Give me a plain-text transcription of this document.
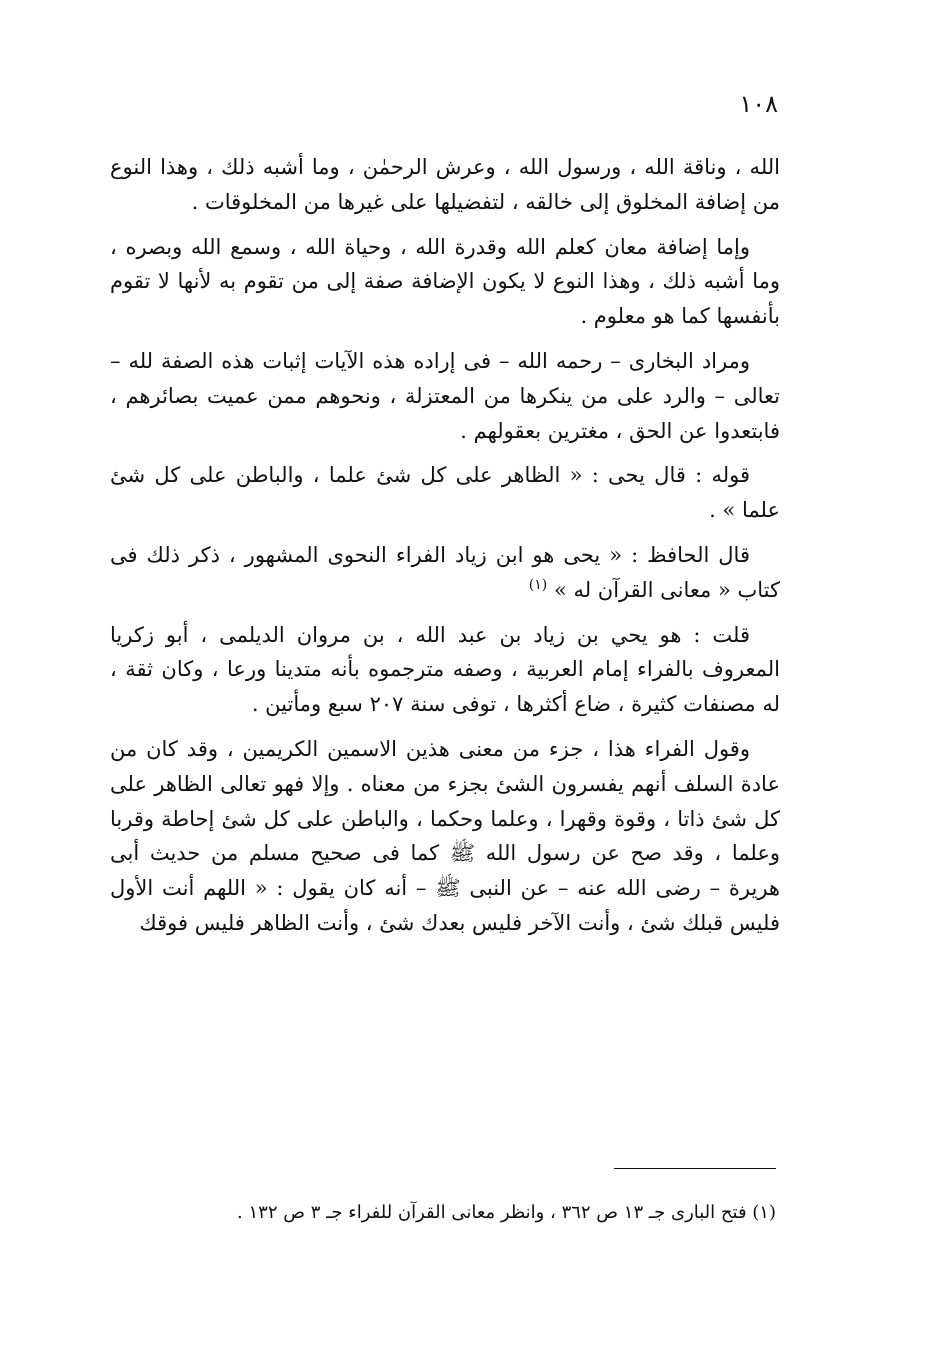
١٠٨

الله ، وناقة الله ، ورسول الله ، وعرش الرحمٰن ، وما أشبه ذلك ، وهذا النوع من إضافة المخلوق إلى خالقه ، لتفضيلها على غيرها من المخلوقات .

وإما إضافة معان كعلم الله وقدرة الله ، وحياة الله ، وسمع الله وبصره ، وما أشبه ذلك ، وهذا النوع لا يكون الإضافة صفة إلى من تقوم به لأنها لا تقوم بأنفسها كما هو معلوم .

ومراد البخارى – رحمه الله – فى إراده هذه الآيات إثبات هذه الصفة لله – تعالى – والرد على من ينكرها من المعتزلة ، ونحوهم ممن عميت بصائرهم ، فابتعدوا عن الحق ، مغترين بعقولهم .

قوله : قال يحى : « الظاهر على كل شئ علما ، والباطن على كل شئ علما » .

قال الحافظ : « يحى هو ابن زياد الفراء النحوى المشهور ، ذكر ذلك فى كتاب « معانى القرآن له » $^{(١)}$

قلت : هو يحي بن زياد بن عبد الله ، بن مروان الديلمى ، أبو زكريا المعروف بالفراء إمام العربية ، وصفه مترجموه بأنه متدينا ورعا ، وكان ثقة ، له مصنفات كثيرة ، ضاع أكثرها ، توفى سنة ٢٠٧ سبع ومأتين .

وقول الفراء هذا ، جزء من معنى هذين الاسمين الكريمين ، وقد كان من عادة السلف أنهم يفسرون الشئ بجزء من معناه . وإلا فهو تعالى الظاهر على كل شئ ذاتا ، وقوة وقهرا ، وعلما وحكما ، والباطن على كل شئ إحاطة وقربا وعلما ، وقد صح عن رسول الله ﷺ كما فى صحيح مسلم من حديث أبى هريرة – رضى الله عنه – عن النبى ﷺ – أنه كان يقول : « اللهم أنت الأول فليس قبلك شئ ، وأنت الآخر فليس بعدك شئ ، وأنت الظاهر فليس فوقك

(١) فتح البارى جـ ١٣ ص ٣٦٢ ، وانظر معانى القرآن للفراء جـ ٣ ص ١٣٢ .
